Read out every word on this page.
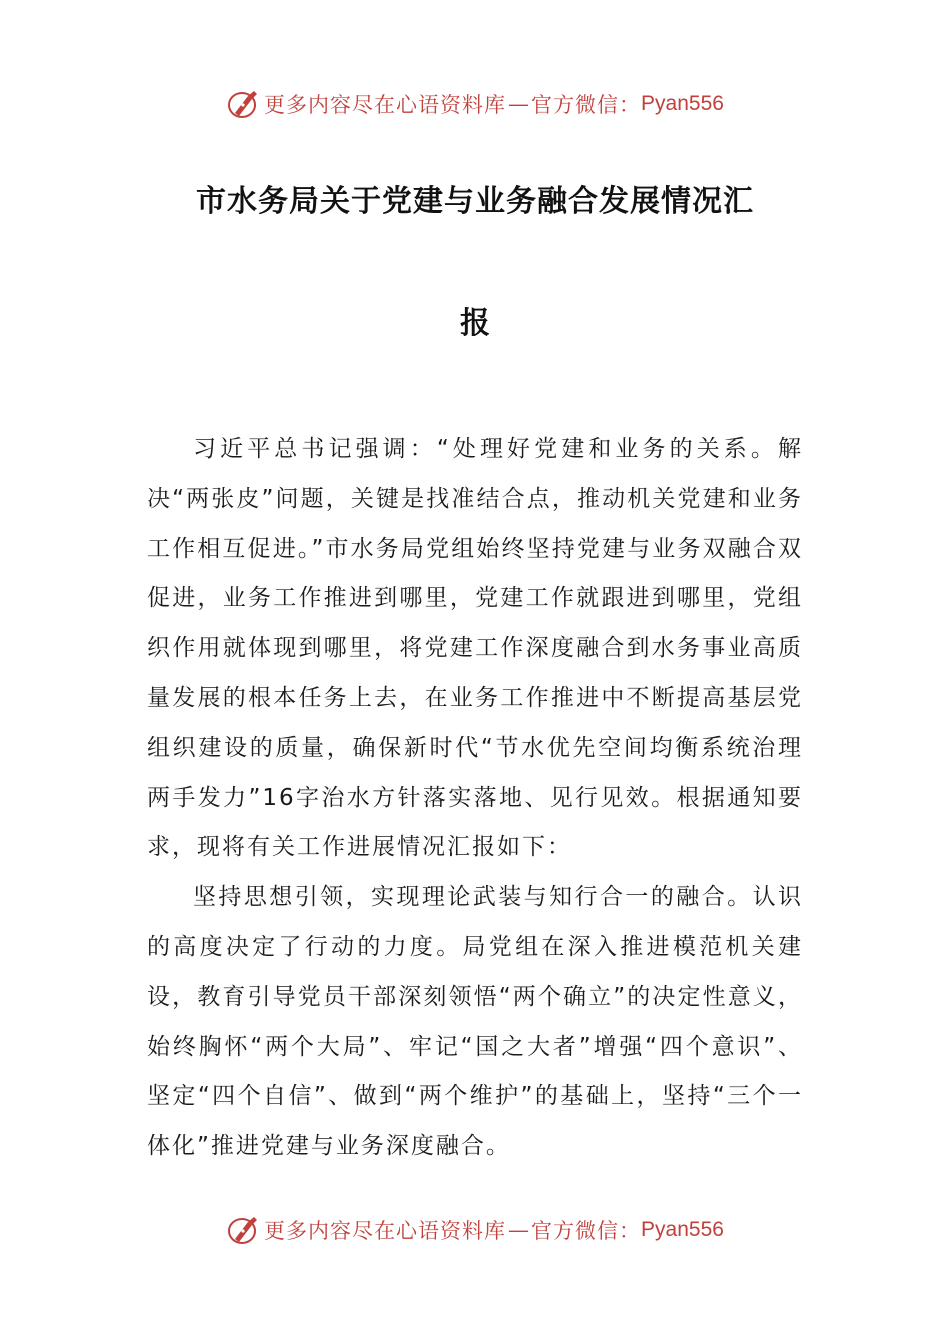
更多内容尽在心语资料库 — 官方微信： Pyan556
市水务局关于党建与业务融合发展情况汇
报

习近平总书记强调：“处理好党建和业务的关系。解决“两张皮”问题，关键是找准结合点，推动机关党建和业务工作相互促进。”市水务局党组始终坚持党建与业务双融合双促进，业务工作推进到哪里，党建工作就跟进到哪里，党组织作用就体现到哪里，将党建工作深度融合到水务事业高质量发展的根本任务上去，在业务工作推进中不断提高基层党组织建设的质量，确保新时代“节水优先空间均衡系统治理两手发力”16字治水方针落实落地、见行见效。根据通知要求，现将有关工作进展情况汇报如下：

坚持思想引领，实现理论武装与知行合一的融合。认识的高度决定了行动的力度。局党组在深入推进模范机关建设，教育引导党员干部深刻领悟“两个确立”的决定性意义，始终胸怀“两个大局”、牢记“国之大者”增强“四个意识”、坚定“四个自信”、做到“两个维护”的基础上，坚持“三个一体化”推进党建与业务深度融合。

更多内容尽在心语资料库 — 官方微信： Pyan556
